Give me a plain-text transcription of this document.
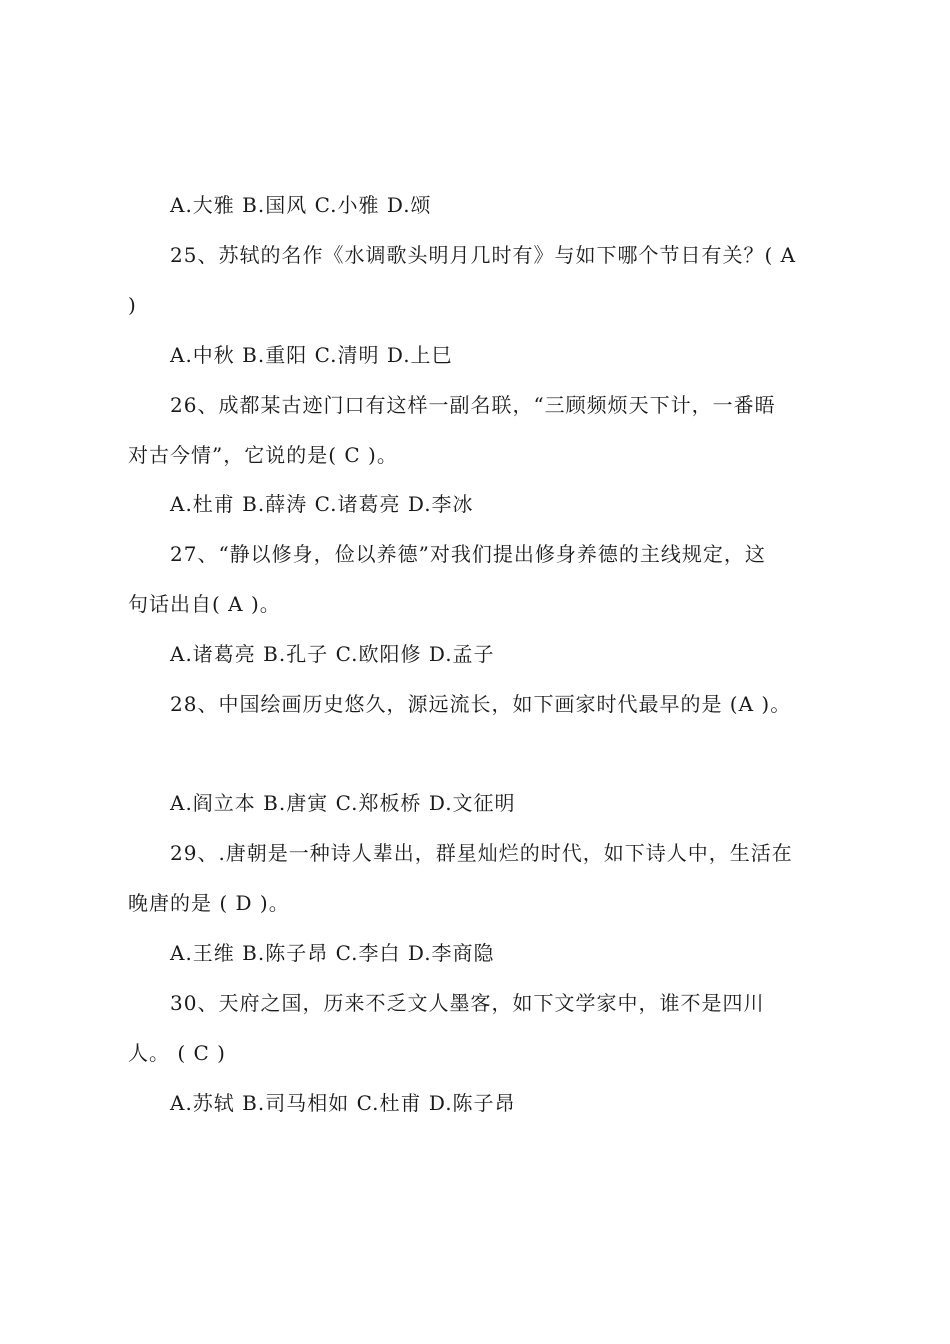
A.大雅 B.国风 C.小雅 D.颂
25、苏轼的名作《水调歌头明月几时有》与如下哪个节日有关？( A
)
A.中秋 B.重阳 C.清明 D.上巳
26、成都某古迹门口有这样一副名联，“三顾频烦天下计，一番晤
对古今情”，它说的是( C )。
A.杜甫 B.薛涛 C.诸葛亮 D.李冰
27、“静以修身，俭以养德”对我们提出修身养德的主线规定，这
句话出自( A )。
A.诸葛亮 B.孔子 C.欧阳修 D.孟子
28、中国绘画历史悠久，源远流长，如下画家时代最早的是 (A )。
A.阎立本 B.唐寅 C.郑板桥 D.文征明
29、.唐朝是一种诗人辈出，群星灿烂的时代，如下诗人中，生活在
晚唐的是 ( D )。
A.王维 B.陈子昂 C.李白 D.李商隐
30、天府之国，历来不乏文人墨客，如下文学家中，谁不是四川
人。 ( C )
A.苏轼 B.司马相如 C.杜甫 D.陈子昂
